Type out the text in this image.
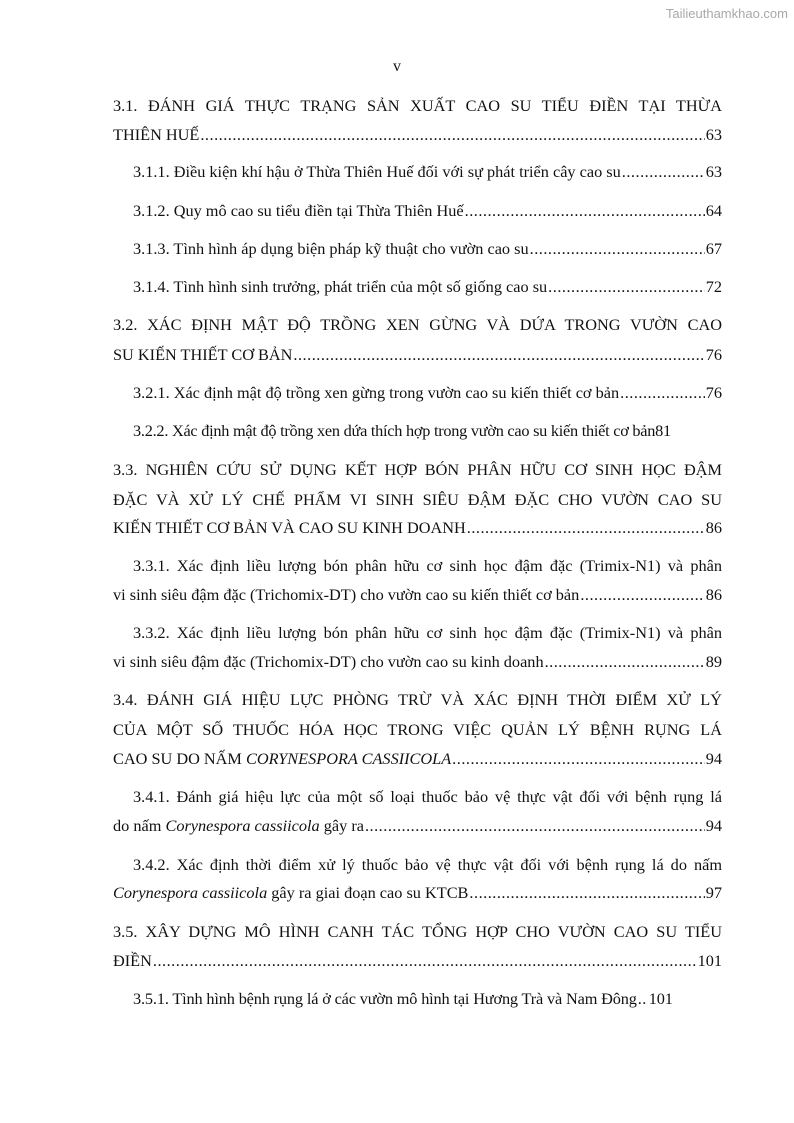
Tailieuthamkhao.com
v
3.1. ĐÁNH GIÁ THỰC TRẠNG SẢN XUẤT CAO SU TIỂU ĐIỀN TẠI THỪA
THIÊN HUẾ .....	63
3.1.1. Điều kiện khí hậu ở Thừa Thiên Huế đối với sự phát triển cây cao su .....	63
3.1.2. Quy mô cao su tiểu điền tại Thừa Thiên Huế .....	64
3.1.3. Tình hình áp dụng biện pháp kỹ thuật cho vườn cao su .....	67
3.1.4. Tình hình sinh trưởng, phát triển của một số giống cao su .....	72
3.2. XÁC ĐỊNH MẬT ĐỘ TRỒNG XEN GỪNG VÀ DỨA TRONG VƯỜN CAO
SU KIẾN THIẾT CƠ BẢN .....	76
3.2.1. Xác định mật độ trồng xen gừng trong vườn cao su kiến thiết cơ bản .....	76
3.2.2. Xác định mật độ trồng xen dứa thích hợp trong vườn cao su kiến thiết cơ bản 81
3.3. NGHIÊN CỨU SỬ DỤNG KẾT HỢP BÓN PHÂN HỮU CƠ SINH HỌC ĐẬM
ĐẶC VÀ XỬ LÝ CHẾ PHẨM VI SINH SIÊU ĐẬM ĐẶC CHO VƯỜN CAO SU
KIẾN THIẾT CƠ BẢN VÀ CAO SU KINH DOANH .....	86
3.3.1. Xác định liều lượng bón phân hữu cơ sinh học đậm đặc (Trimix-N1) và phân
vi sinh siêu đậm đặc (Trichomix-DT) cho vườn cao su kiến thiết cơ bản .....	86
3.3.2. Xác định liều lượng bón phân hữu cơ sinh học đậm đặc (Trimix-N1) và phân
vi sinh siêu đậm đặc (Trichomix-DT) cho vườn cao su kinh doanh .....	89
3.4. ĐÁNH GIÁ HIỆU LỰC PHÒNG TRỪ VÀ XÁC ĐỊNH THỜI ĐIỂM XỬ LÝ
CỦA MỘT SỐ THUỐC HÓA HỌC TRONG VIỆC QUẢN LÝ BỆNH RỤNG LÁ
CAO SU DO NẤM CORYNESPORA CASSIICOLA .....	94
3.4.1. Đánh giá hiệu lực của một số loại thuốc bảo vệ thực vật đối với bệnh rụng lá
do nấm Corynespora cassiicola gây ra .....	94
3.4.2. Xác định thời điểm xử lý thuốc bảo vệ thực vật đối với bệnh rụng lá do nấm
Corynespora cassiicola gây ra giai đoạn cao su KTCB .....	97
3.5. XÂY DỰNG MÔ HÌNH CANH TÁC TỔNG HỢP CHO VƯỜN CAO SU TIỂU
ĐIỀN .....	101
3.5.1. Tình hình bệnh rụng lá ở các vườn mô hình tại Hương Trà và Nam Đông ..... 101
